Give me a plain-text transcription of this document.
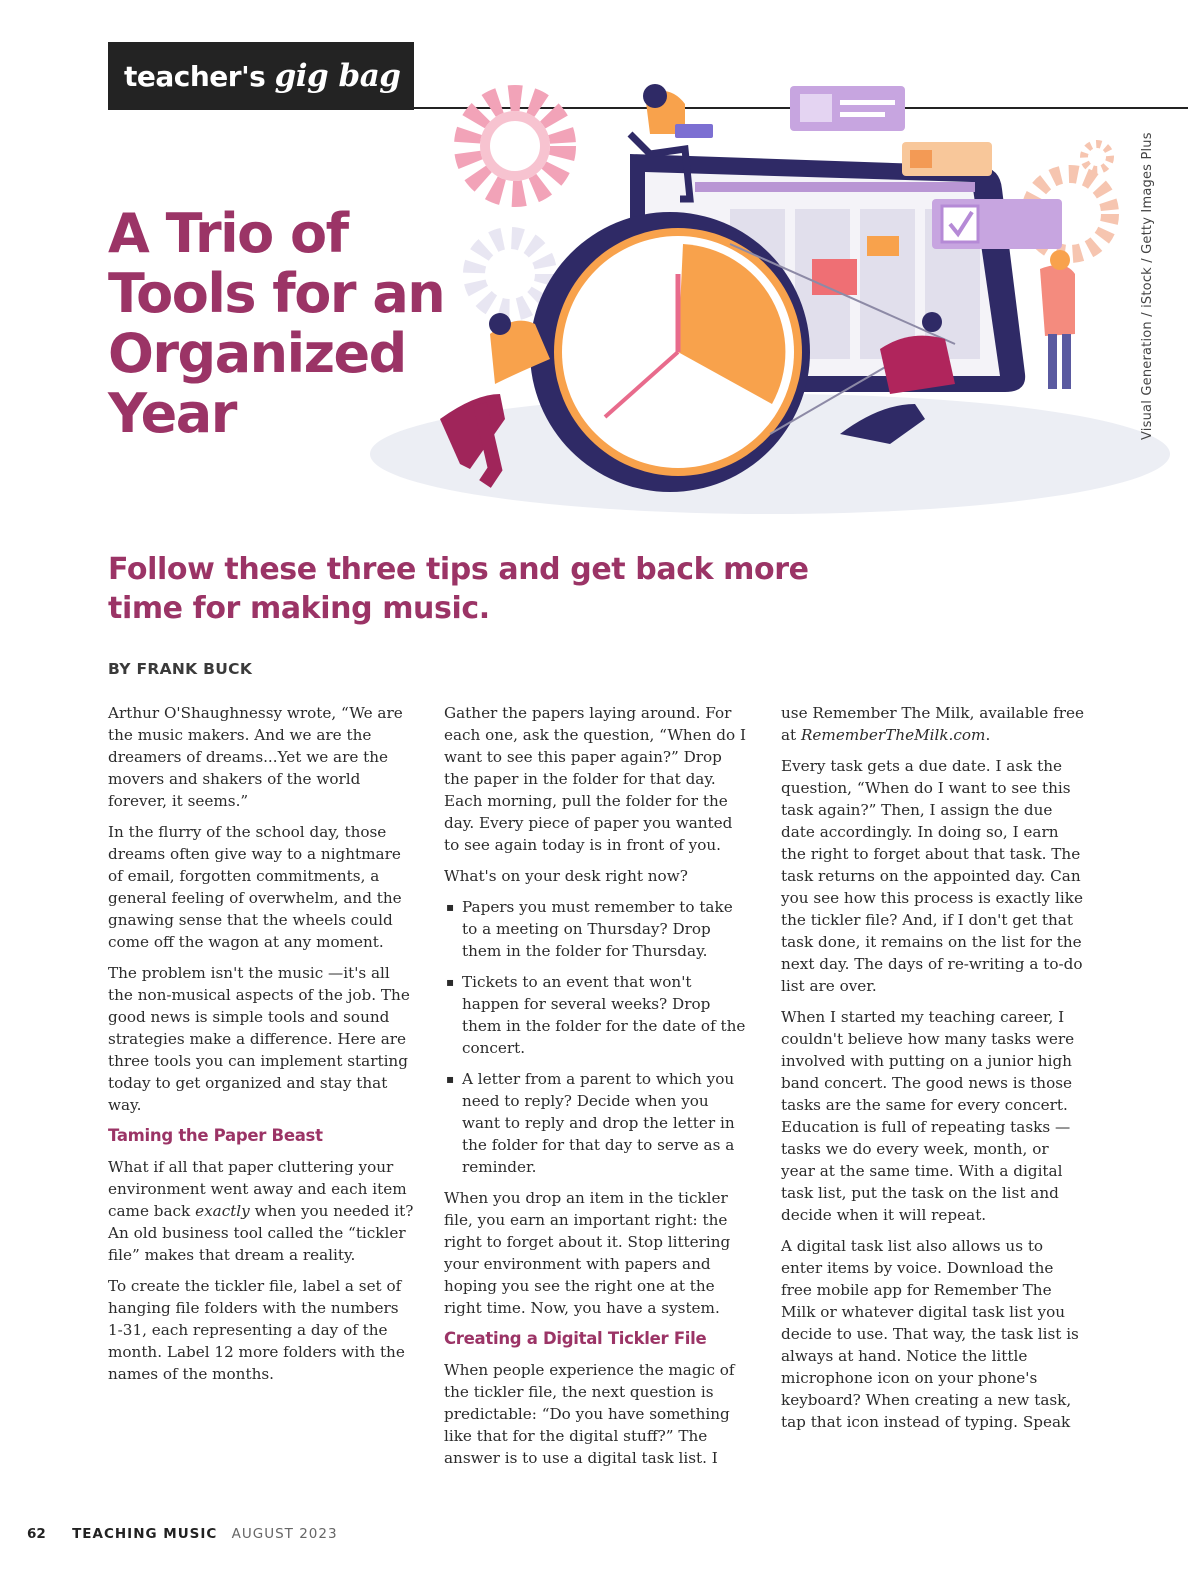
teacher's gig bag
Visual Generation / iStock / Getty Images Plus
A Trio of Tools for an Organized Year
Follow these three tips and get back more time for making music.
BY FRANK BUCK

Arthur O'Shaughnessy wrote, “We are the music makers. And we are the dreamers of dreams...Yet we are the movers and shakers of the world forever, it seems.”

In the flurry of the school day, those dreams often give way to a nightmare of email, forgotten commitments, a general feeling of overwhelm, and the gnawing sense that the wheels could come off the wagon at any moment.

The problem isn't the music —it's all the non-musical aspects of the job. The good news is simple tools and sound strategies make a difference. Here are three tools you can implement starting today to get organized and stay that way.

Taming the Paper Beast

What if all that paper cluttering your environment went away and each item came back exactly when you needed it? An old business tool called the “tickler file” makes that dream a reality.

To create the tickler file, label a set of hanging file folders with the numbers 1-31, each representing a day of the month. Label 12 more folders with the names of the months.

Gather the papers laying around. For each one, ask the question, “When do I want to see this paper again?” Drop the paper in the folder for that day. Each morning, pull the folder for the day. Every piece of paper you wanted to see again today is in front of you.

What's on your desk right now?

▪ Papers you must remember to take to a meeting on Thursday? Drop them in the folder for Thursday.
▪ Tickets to an event that won't happen for several weeks? Drop them in the folder for the date of the concert.
▪ A letter from a parent to which you need to reply? Decide when you want to reply and drop the letter in the folder for that day to serve as a reminder.

When you drop an item in the tickler file, you earn an important right: the right to forget about it. Stop littering your environment with papers and hoping you see the right one at the right time. Now, you have a system.

Creating a Digital Tickler File

When people experience the magic of the tickler file, the next question is predictable: “Do you have something like that for the digital stuff?” The answer is to use a digital task list. I

use Remember The Milk, available free at RememberTheMilk.com.

Every task gets a due date. I ask the question, “When do I want to see this task again?” Then, I assign the due date accordingly. In doing so, I earn the right to forget about that task. The task returns on the appointed day. Can you see how this process is exactly like the tickler file? And, if I don't get that task done, it remains on the list for the next day. The days of re-writing a to-do list are over.

When I started my teaching career, I couldn't believe how many tasks were involved with putting on a junior high band concert. The good news is those tasks are the same for every concert. Education is full of repeating tasks — tasks we do every week, month, or year at the same time. With a digital task list, put the task on the list and decide when it will repeat.

A digital task list also allows us to enter items by voice. Download the free mobile app for Remember The Milk or whatever digital task list you decide to use. That way, the task list is always at hand. Notice the little microphone icon on your phone's keyboard? When creating a new task, tap that icon instead of typing. Speak

62 TEACHING MUSIC AUGUST 2023
